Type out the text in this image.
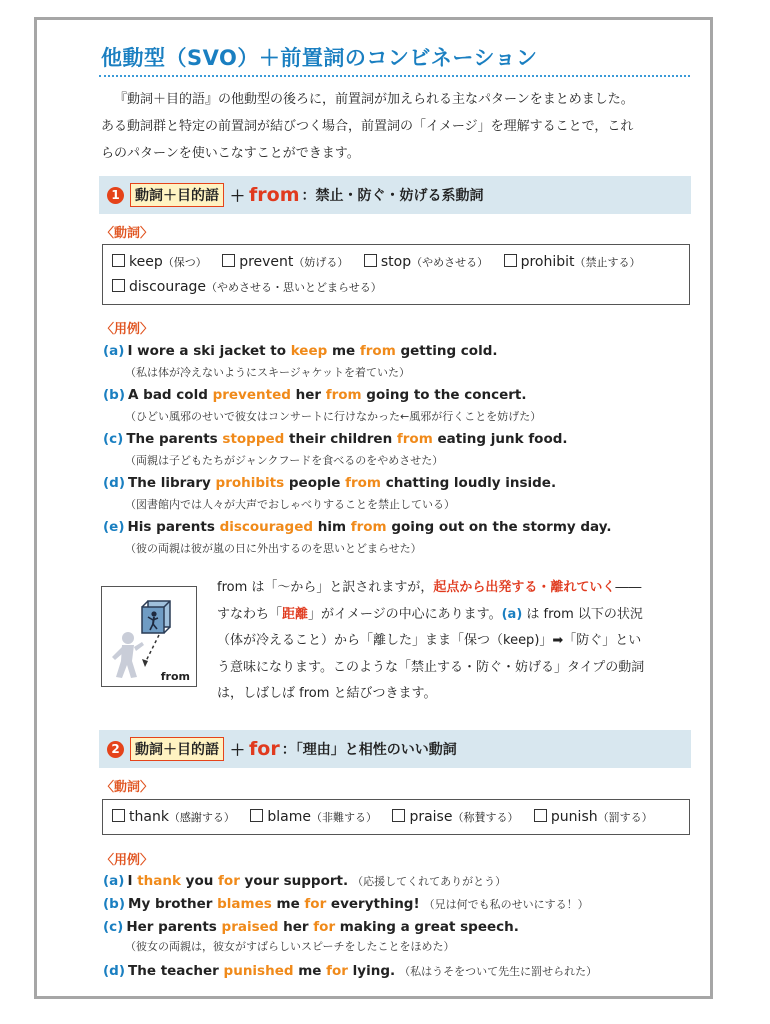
他動型（SVO）＋前置詞のコンビネーション

『動詞＋目的語』の他動型の後ろに，前置詞が加えられる主なパターンをまとめました。

ある動詞群と特定の前置詞が結びつく場合，前置詞の「イメージ」を理解することで，これ

らのパターンを使いこなすことができます。

1	動詞＋目的語 ＋ from ：禁止・防ぐ・妨げる系動詞
〈動詞〉
keep（保つ） prevent（妨げる） stop（やめさせる） prohibit（禁止する）
discourage（やめさせる・思いとどまらせる）
〈用例〉
(a) I wore a ski jacket to keep me from getting cold.
（私は体が冷えないようにスキージャケットを着ていた）
(b) A bad cold prevented her from going to the concert.
（ひどい風邪のせいで彼女はコンサートに行けなかった←風邪が行くことを妨げた）
(c) The parents stopped their children from eating junk food.
（両親は子どもたちがジャンクフードを食べるのをやめさせた）
(d) The library prohibits people from chatting loudly inside.
（図書館内では人々が大声でおしゃべりすることを禁止している）
(e) His parents discouraged him from going out on the stormy day.
（彼の両親は彼が嵐の日に外出するのを思いとどまらせた）
from

from は「～から」と訳されますが，起点から出発する・離れていく――

すなわち「距離」がイメージの中心にあります。(a) は from 以下の状況

（体が冷えること）から「離した」まま「保つ（keep)」➡「防ぐ」とい

う意味になります。このような「禁止する・防ぐ・妨げる」タイプの動詞

は，しばしば from と結びつきます。

2	動詞＋目的語 ＋ for ：「理由」と相性のいい動詞
〈動詞〉
thank（感謝する） blame（非難する） praise（称賛する） punish（罰する）
〈用例〉
(a) I thank you for your support. （応援してくれてありがとう）
(b) My brother blames me for everything! （兄は何でも私のせいにする！）
(c) Her parents praised her for making a great speech.
（彼女の両親は，彼女がすばらしいスピーチをしたことをほめた）
(d) The teacher punished me for lying. （私はうそをついて先生に罰せられた）
